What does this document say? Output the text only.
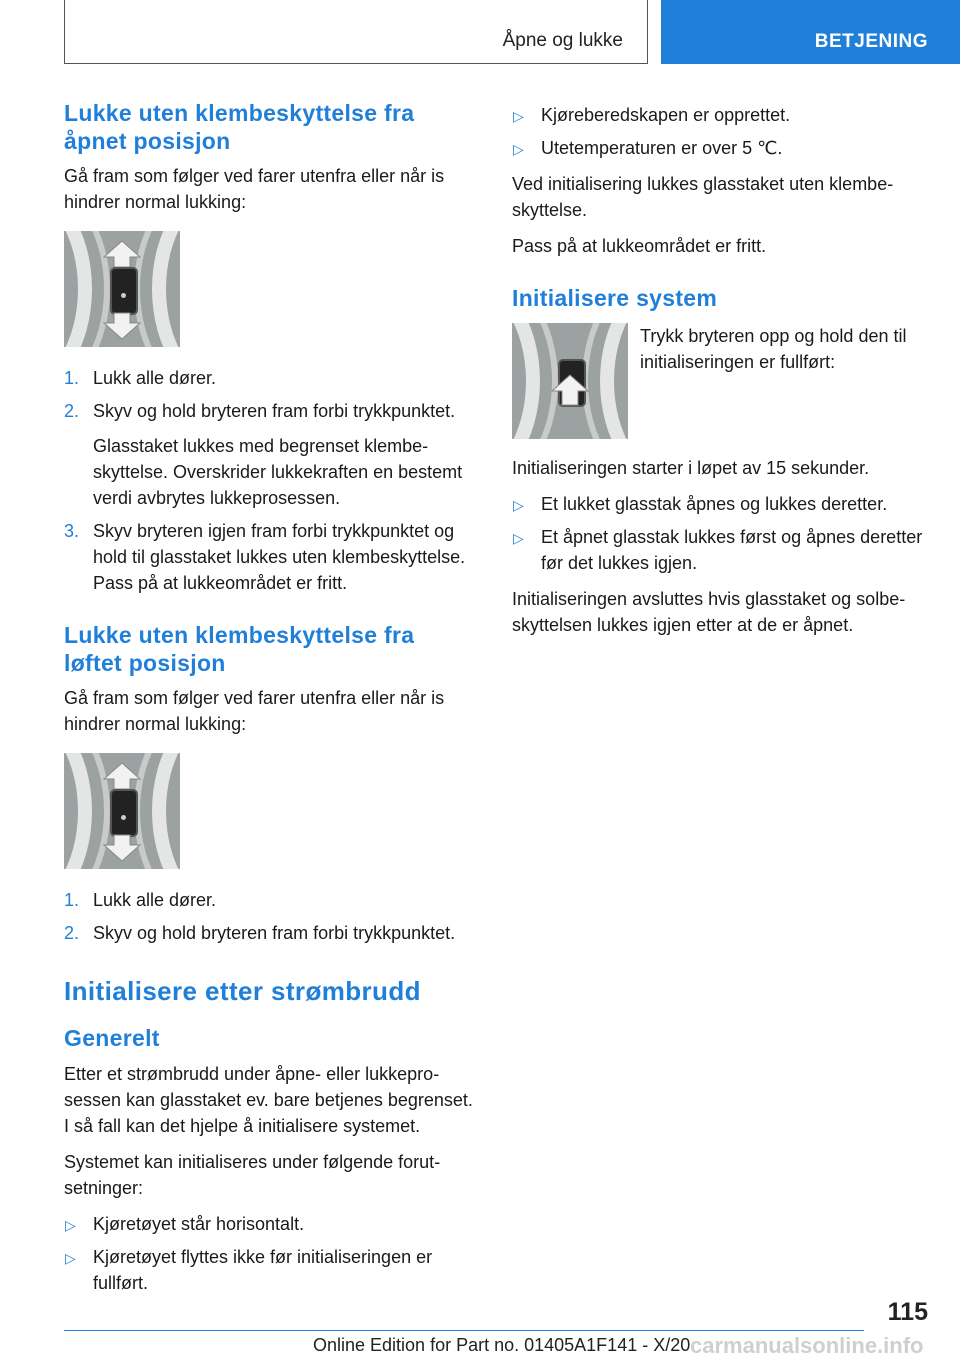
Åpne og lukke	BETJENING
Lukke uten klembeskyttelse fra
åpnet posisjon

Gå fram som følger ved farer utenfra eller når is hindrer normal lukking:

1. Lukk alle dører.
2. Skyv og hold bryteren fram forbi trykkpunktet.
Glasstaket lukkes med begrenset klembeskyttelse. Overskrider lukkekraften en bestemt verdi avbrytes lukkeprosessen.
3. Skyv bryteren igjen fram forbi trykkpunktet og hold til glasstaket lukkes uten klembeskyttelse. Pass på at lukkeområdet er fritt.
Lukke uten klembeskyttelse fra
løftet posisjon

Gå fram som følger ved farer utenfra eller når is hindrer normal lukking:

1. Lukk alle dører.
2. Skyv og hold bryteren fram forbi trykkpunktet.
Initialisere etter strømbrudd
Generelt

Etter et strømbrudd under åpne- eller lukkeprosessen kan glasstaket ev. bare betjenes begrenset. I så fall kan det hjelpe å initialisere systemet.

Systemet kan initialiseres under følgende forutsetninger:

▷ Kjøretøyet står horisontalt.
▷ Kjøretøyet flyttes ikke før initialiseringen er fullført.
▷ Kjøreberedskapen er opprettet.
▷ Utetemperaturen er over 5 ℃.

Ved initialisering lukkes glasstaket uten klembeskyttelse.

Pass på at lukkeområdet er fritt.

Initialisere system

Trykk bryteren opp og hold den til initialiseringen er fullført:

Initialiseringen starter i løpet av 15 sekunder.

▷ Et lukket glasstak åpnes og lukkes deretter.
▷ Et åpnet glasstak lukkes først og åpnes deretter før det lukkes igjen.

Initialiseringen avsluttes hvis glasstaket og solbeskyttelsen lukkes igjen etter at de er åpnet.

115
Online Edition for Part no. 01405A1F141 - X/20 carmanualsonline.info
